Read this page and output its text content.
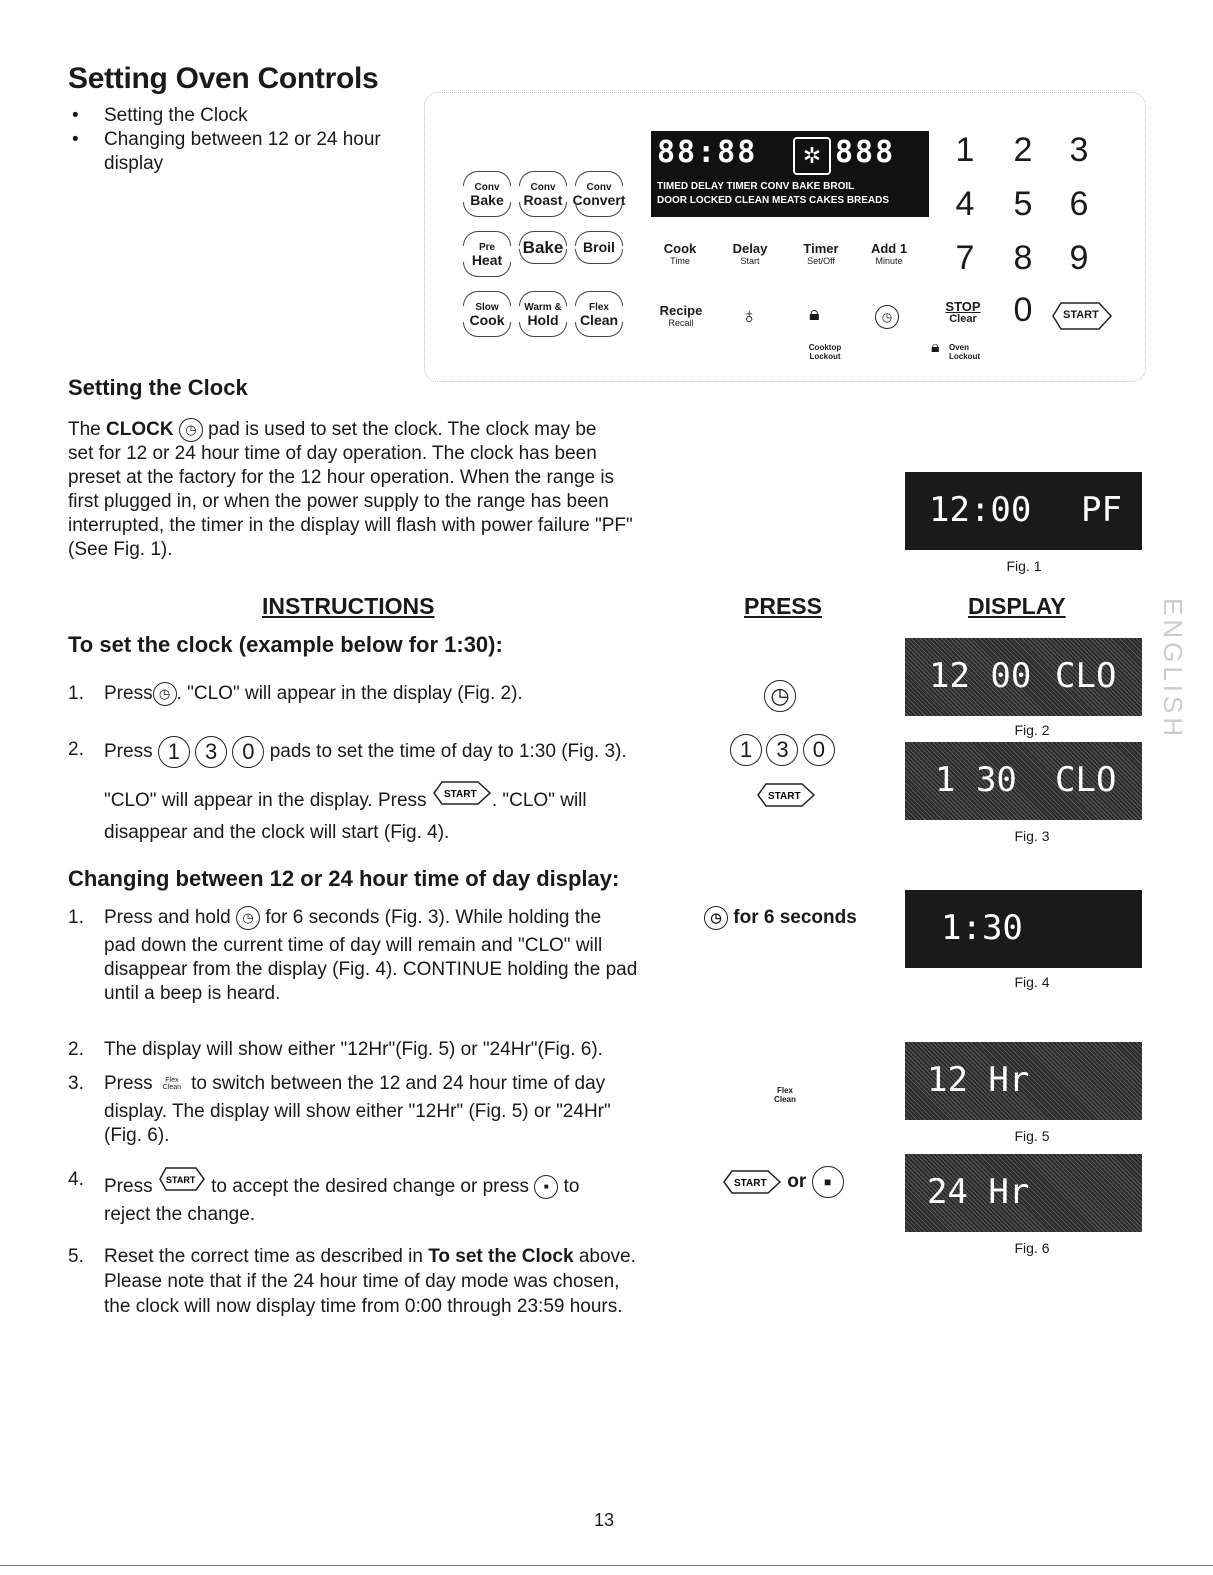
Setting Oven Controls
• Setting the Clock
• Changing between 12 or 24 hour display	88:88	✲ 888
TIMED DELAY TIMER CONV BAKE BROIL
DOOR LOCKED CLEAN MEATS CAKES BREADS
Conv
Bake
Conv
Roast
Conv
Convert
Pre
Heat
Bake	Broil
Slow
Cook
Warm &
Hold
Flex
Clean
Cook
Time
Delay
Start
Timer
Set/Off
Add 1
Minute
Recipe
Recall	♁	🔒︎
Cooktop Lockout
◷
🔒︎ Oven Lockout
1	2	3
4	5	6
7	8	9
STOP
Clear	0	START
Setting the Clock
The CLOCK ◷ pad is used to set the clock. The clock may be
set for 12 or 24 hour time of day operation. The clock has been
preset at the factory for the 12 hour operation. When the range is
first plugged in, or when the power supply to the range has been
interrupted, the timer in the display will flash with power failure "PF"
(See Fig. 1).
12:00 PF
Fig. 1
INSTRUCTIONS	PRESS	DISPLAY	ENGLISH
To set the clock (example below for 1:30):
1. Press ◷ . "CLO" will appear in the display (Fig. 2).	◷	12 00 CLO
Fig. 2
2. Press 1 3 0 pads to set the time of day to 1:30 (Fig. 3).
"CLO" will appear in the display. Press START . "CLO" will
disappear and the clock will start (Fig. 4).
1 3 0
START	1 30 CLO
Fig. 3
Changing between 12 or 24 hour time of day display:
1. Press and hold ◷ for 6 seconds (Fig. 3). While holding the
pad down the current time of day will remain and "CLO" will
disappear from the display (Fig. 4). CONTINUE holding the pad
until a beep is heard.
◷ for 6 seconds 1:30
Fig. 4
2. The display will show either "12Hr"(Fig. 5) or "24Hr"(Fig. 6).
3. Press Flex
Clean to switch between the 12 and 24 hour time of day
display. The display will show either "12Hr" (Fig. 5) or "24Hr"
(Fig. 6).
Flex
Clean	12 Hr
Fig. 5
4. Press START to accept the desired change or press ■ to
reject the change.
START or ■	24 Hr
Fig. 6
5. Reset the correct time as described in To set the Clock above.
Please note that if the 24 hour time of day mode was chosen,
the clock will now display time from 0:00 through 23:59 hours.
13
